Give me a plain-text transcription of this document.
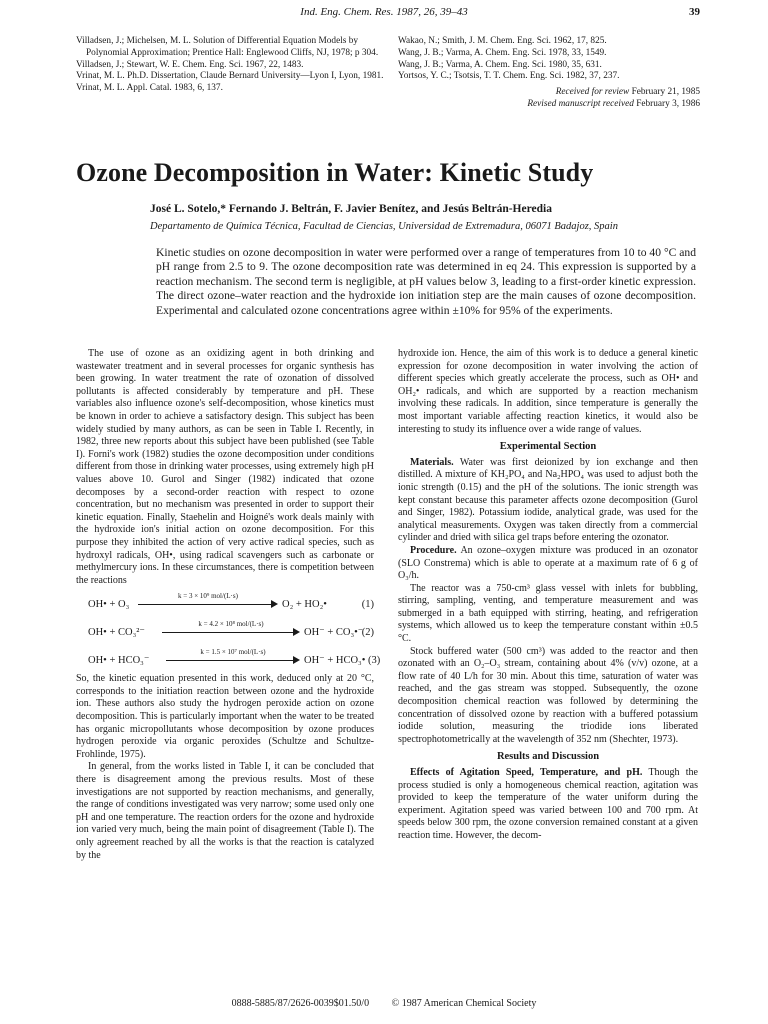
Ind. Eng. Chem. Res. 1987, 26, 39–43	39
Villadsen, J.; Michelsen, M. L. Solution of Differential Equation Models by Polynomial Approximation; Prentice Hall: Englewood Cliffs, NJ, 1978; p 304.
Villadsen, J.; Stewart, W. E. Chem. Eng. Sci. 1967, 22, 1483.
Vrinat, M. L. Ph.D. Dissertation, Claude Bernard University—Lyon I, Lyon, 1981.
Vrinat, M. L. Appl. Catal. 1983, 6, 137.
Wakao, N.; Smith, J. M. Chem. Eng. Sci. 1962, 17, 825.
Wang, J. B.; Varma, A. Chem. Eng. Sci. 1978, 33, 1549.
Wang, J. B.; Varma, A. Chem. Eng. Sci. 1980, 35, 631.
Yortsos, Y. C.; Tsotsis, T. T. Chem. Eng. Sci. 1982, 37, 237.
Received for review February 21, 1985
Revised manuscript received February 3, 1986
Ozone Decomposition in Water: Kinetic Study
José L. Sotelo,* Fernando J. Beltrán, F. Javier Benítez, and Jesús Beltrán-Heredia
Departamento de Química Técnica, Facultad de Ciencias, Universidad de Extremadura, 06071 Badajoz, Spain
Kinetic studies on ozone decomposition in water were performed over a range of temperatures from 10 to 40 °C and pH range from 2.5 to 9. The ozone decomposition rate was determined in eq 24. This expression is supported by a reaction mechanism. The second term is negligible, at pH values below 3, leading to a first-order kinetic expression. The direct ozone–water reaction and the hydroxide ion initiation step are the main causes of ozone decomposition. Experimental and calculated ozone concentrations agree within ±10% for 95% of the experiments.

The use of ozone as an oxidizing agent in both drinking and wastewater treatment and in several processes for organic synthesis has been growing. In water treatment the rate of ozonation of dissolved pollutants is affected considerably by temperature and pH. These variables also influence ozone's self-decomposition, whose kinetics must be known in order to achieve a satisfactory design. This subject has been widely studied by many authors, as can be seen in Table I. Recently, in 1982, three new reports about this subject have been published (see Table I). Forni's work (1982) studies the ozone decomposition under conditions different from those in drinking water processes, using extremely high pH values above 10. Gurol and Singer (1982) indicated that ozone decomposes by a second-order reaction with respect to ozone concentration, but no mechanism was presented in order to support their kinetic equation. Finally, Staehelin and Hoigné's work deals mainly with the hydroxide ion's initial action on ozone decomposition. For this purpose they inhibited the action of very active radical species, such as hydroxyl radicals, OH•, using radical scavengers such as carbonate or methylmercury ions. In these circumstances, there is competition between the reactions

OH• + O₃
k = 3 × 10⁹ mol/(L·s)
O₂ + HO₂•	(1)
OH• + CO₃²⁻
k = 4.2 × 10⁸ mol/(L·s)
OH⁻ + CO₃•⁻
(2)
OH• + HCO₃⁻
k = 1.5 × 10⁷ mol/(L·s)
OH⁻ + HCO₃• (3)

So, the kinetic equation presented in this work, deduced only at 20 °C, corresponds to the initiation reaction between ozone and the hydroxide ion. These authors also study the hydrogen peroxide action on ozone decomposition. This is particularly important when the water to be treated has organic micropollutants whose decomposition by ozone produces hydrogen peroxide via organic peroxides (Schultze and Schultze-Frohlinde, 1975).

In general, from the works listed in Table I, it can be concluded that there is disagreement among the previous results. Most of these investigations are not supported by reaction mechanisms, and generally, the range of conditions investigated was very narrow; some used only one pH and one temperature. The reaction orders for the ozone and hydroxide ion varied very much, being the main point of disagreement (Table I). The only agreement reached by all the works is that the reaction is catalyzed by the

hydroxide ion. Hence, the aim of this work is to deduce a general kinetic expression for ozone decomposition in water involving the action of different species which greatly accelerate the process, such as OH• and OH₂• radicals, and which are supported by a reaction mechanism involving these radicals. In addition, since temperature is generally the most important variable affecting reaction kinetics, it would also be interesting to study its influence over a wide range of values.

Experimental Section

Materials. Water was first deionized by ion exchange and then distilled. A mixture of KH₂PO₄ and Na₂HPO₄ was used to adjust both the ionic strength (0.15) and the pH of the solutions. The ionic strength was kept constant because this parameter affects ozone decomposition (Gurol and Singer, 1982). Potassium iodide, analytical grade, was used for the analytical measurements. Oxygen was taken directly from a commercial cylinder and dried with silica gel traps before entering the ozonator.

Procedure. An ozone–oxygen mixture was produced in an ozonator (SLO Constrema) which is able to operate at a maximum rate of 6 g of O₃/h.

The reactor was a 750-cm³ glass vessel with inlets for bubbling, stirring, sampling, venting, and temperature measurement and was submerged in a bath equipped with stirring, heating, and refrigeration systems, which allowed us to keep the temperature constant within ±0.5 °C.

Stock buffered water (500 cm³) was added to the reactor and then ozonated with an O₂–O₃ stream, containing about 4% (v/v) ozone, at a flow rate of 40 L/h for 30 min. About this time, saturation of water was reached, and the gas stream was stopped. Subsequently, the ozone decomposition chemical reaction was followed by determining the concentration of dissolved ozone by reaction with a buffered potassium iodide solution, measuring the triodide ions liberated spectrophotometrically at the wavelength of 352 nm (Shechter, 1973).

Results and Discussion

Effects of Agitation Speed, Temperature, and pH. Though the process studied is only a homogeneous chemical reaction, agitation was provided to keep the temperature of the water uniform during the experiment. Agitation speed was varied between 100 and 700 rpm. At speeds below 300 rpm, the ozone conversion remained constant at a given reaction time. However, the decom-

0888-5885/87/2626-0039$01.50/0 © 1987 American Chemical Society
